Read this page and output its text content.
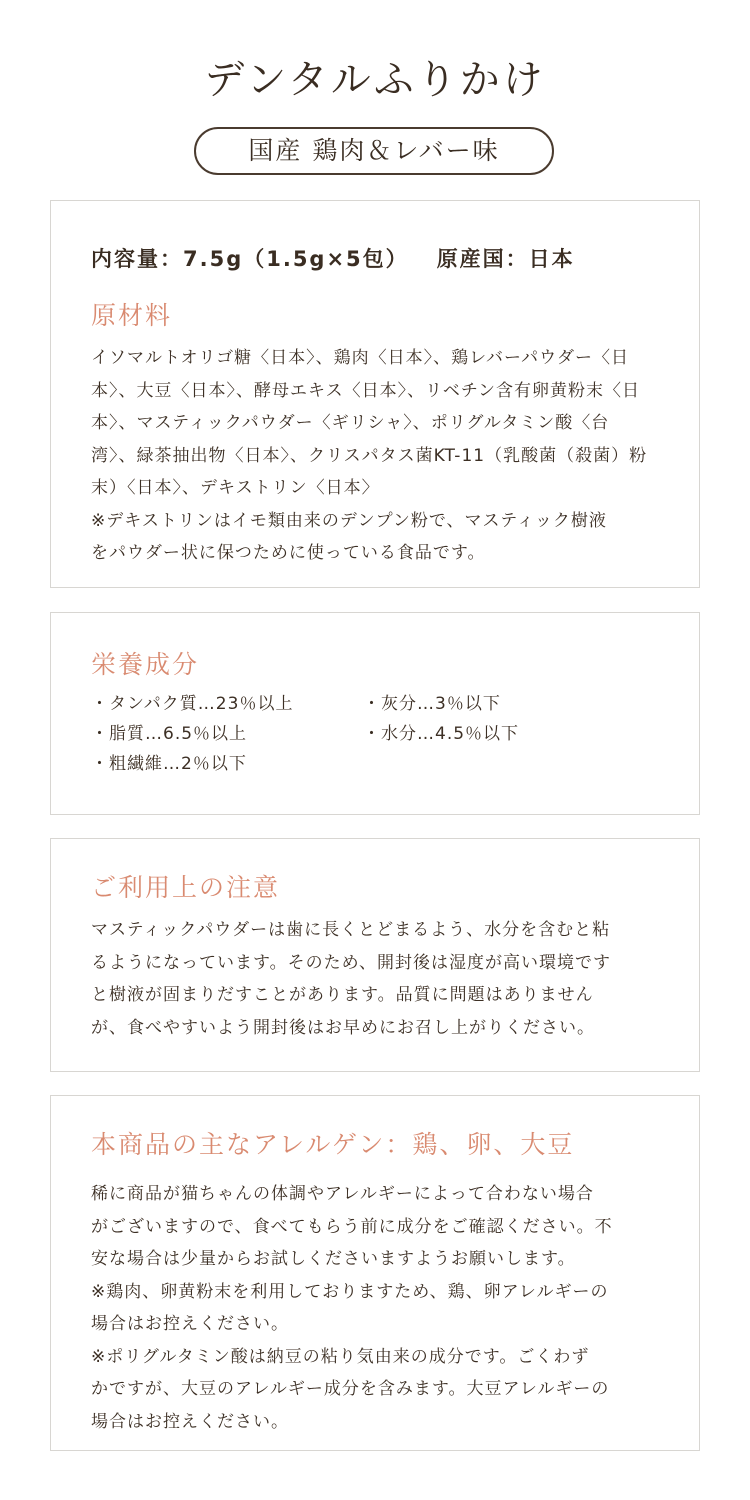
デンタルふりかけ
国産 鶏肉＆レバー味
内容量：7.5g（1.5g×5包） 原産国：日本
原材料

イソマルトオリゴ糖〈日本〉、鶏肉〈日本〉、鶏レバーパウダー〈日

本〉、大豆〈日本〉、酵母エキス〈日本〉、リベチン含有卵黄粉末〈日

本〉、マスティックパウダー〈ギリシャ〉、ポリグルタミン酸〈台

湾〉、緑茶抽出物〈日本〉、クリスパタス菌KT-11（乳酸菌（殺菌）粉

末）〈日本〉、デキストリン〈日本〉

※デキストリンはイモ類由来のデンプン粉で、マスティック樹液

をパウダー状に保つために使っている食品です。

栄養成分
・タンパク質…23％以上
・脂質…6.5％以上
・粗繊維…2％以下
・灰分…3％以下
・水分…4.5％以下
ご利用上の注意

マスティックパウダーは歯に長くとどまるよう、水分を含むと粘

るようになっています。そのため、開封後は湿度が高い環境です

と樹液が固まりだすことがあります。品質に問題はありません

が、食べやすいよう開封後はお早めにお召し上がりください。

本商品の主なアレルゲン：鶏、卵、大豆

稀に商品が猫ちゃんの体調やアレルギーによって合わない場合

がございますので、食べてもらう前に成分をご確認ください。不

安な場合は少量からお試しくださいますようお願いします。

※鶏肉、卵黄粉末を利用しておりますため、鶏、卵アレルギーの

場合はお控えください。

※ポリグルタミン酸は納豆の粘り気由来の成分です。ごくわず

かですが、大豆のアレルギー成分を含みます。大豆アレルギーの

場合はお控えください。
